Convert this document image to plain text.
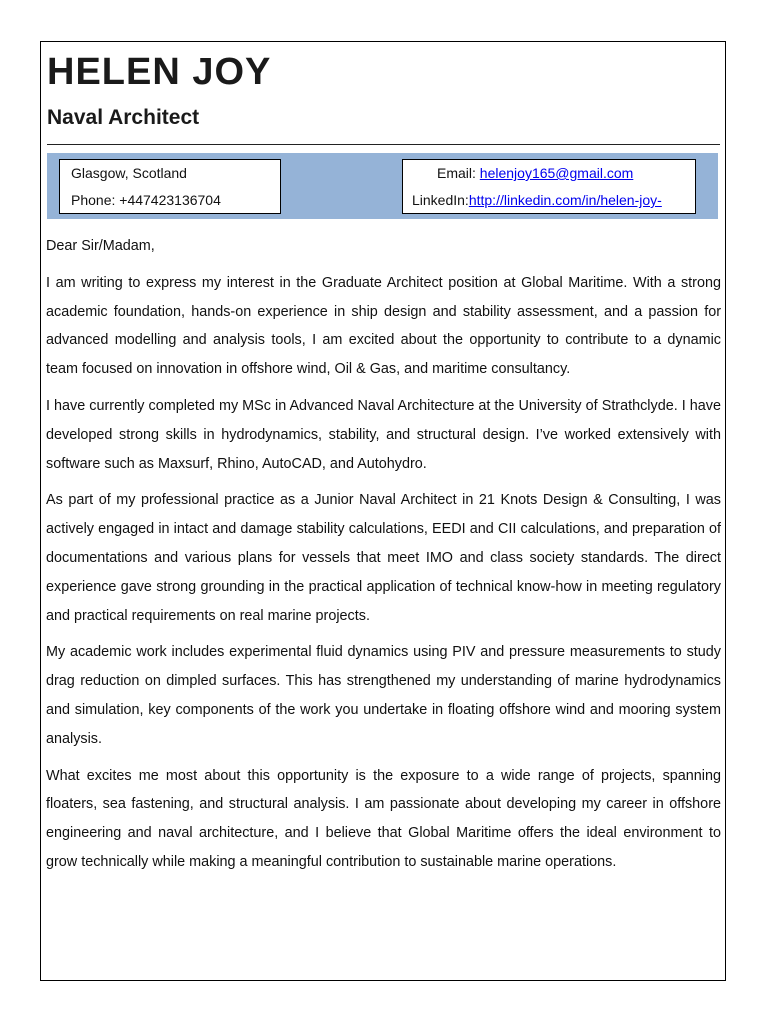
HELEN JOY
Naval Architect
Glasgow, Scotland
Phone: +447423136704
Email: helenjoy165@gmail.com
LinkedIn:http://linkedin.com/in/helen-joy-

Dear Sir/Madam,

I am writing to express my interest in the Graduate Architect position at Global Maritime. With a strong academic foundation, hands-on experience in ship design and stability assessment, and a passion for advanced modelling and analysis tools, I am excited about the opportunity to contribute to a dynamic team focused on innovation in offshore wind, Oil & Gas, and maritime consultancy.

I have currently completed my MSc in Advanced Naval Architecture at the University of Strathclyde. I have developed strong skills in hydrodynamics, stability, and structural design. I’ve worked extensively with software such as Maxsurf, Rhino, AutoCAD, and Autohydro.

As part of my professional practice as a Junior Naval Architect in 21 Knots Design & Consulting, I was actively engaged in intact and damage stability calculations, EEDI and CII calculations, and preparation of documentations and various plans for vessels that meet IMO and class society standards. The direct experience gave strong grounding in the practical application of technical know-how in meeting regulatory and practical requirements on real marine projects.

My academic work includes experimental fluid dynamics using PIV and pressure measurements to study drag reduction on dimpled surfaces. This has strengthened my understanding of marine hydrodynamics and simulation, key components of the work you undertake in floating offshore wind and mooring system analysis.

What excites me most about this opportunity is the exposure to a wide range of projects, spanning floaters, sea fastening, and structural analysis. I am passionate about developing my career in offshore engineering and naval architecture, and I believe that Global Maritime offers the ideal environment to grow technically while making a meaningful contribution to sustainable marine operations.
